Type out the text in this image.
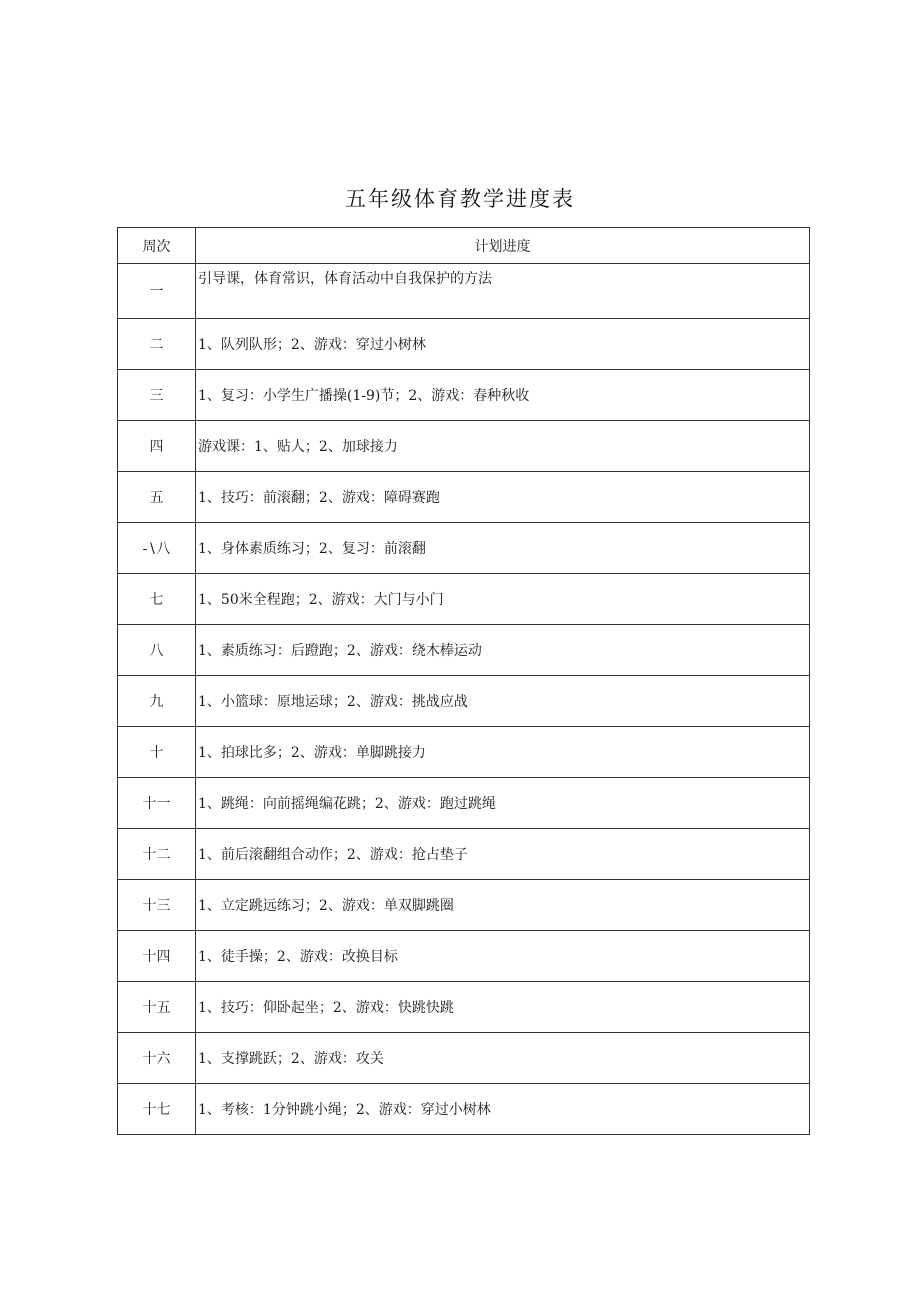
五年级体育教学进度表
周次	计划进度
一	引导课，体育常识，体育活动中自我保护的方法
二	1、队列队形；2、游戏：穿过小树林
三	1、复习：小学生广播操(1-9)节；2、游戏：春种秋收
四	游戏课：1、贴人；2、加球接力
五	1、技巧：前滚翻；2、游戏：障碍赛跑
-∖八	1、身体素质练习；2、复习：前滚翻
七	1、50米全程跑；2、游戏：大门与小门
八	1、素质练习：后蹬跑；2、游戏：绕木棒运动
九	1、小篮球：原地运球；2、游戏：挑战应战
十	1、拍球比多；2、游戏：单脚跳接力
十一	1、跳绳：向前摇绳编花跳；2、游戏：跑过跳绳
十二	1、前后滚翻组合动作；2、游戏：抢占垫子
十三	1、立定跳远练习；2、游戏：单双脚跳圈
十四	1、徒手操；2、游戏：改换目标
十五	1、技巧：仰卧起坐；2、游戏：快跳快跳
十六	1、支撑跳跃；2、游戏：攻关
十七	1、考核：1分钟跳小绳；2、游戏：穿过小树林
